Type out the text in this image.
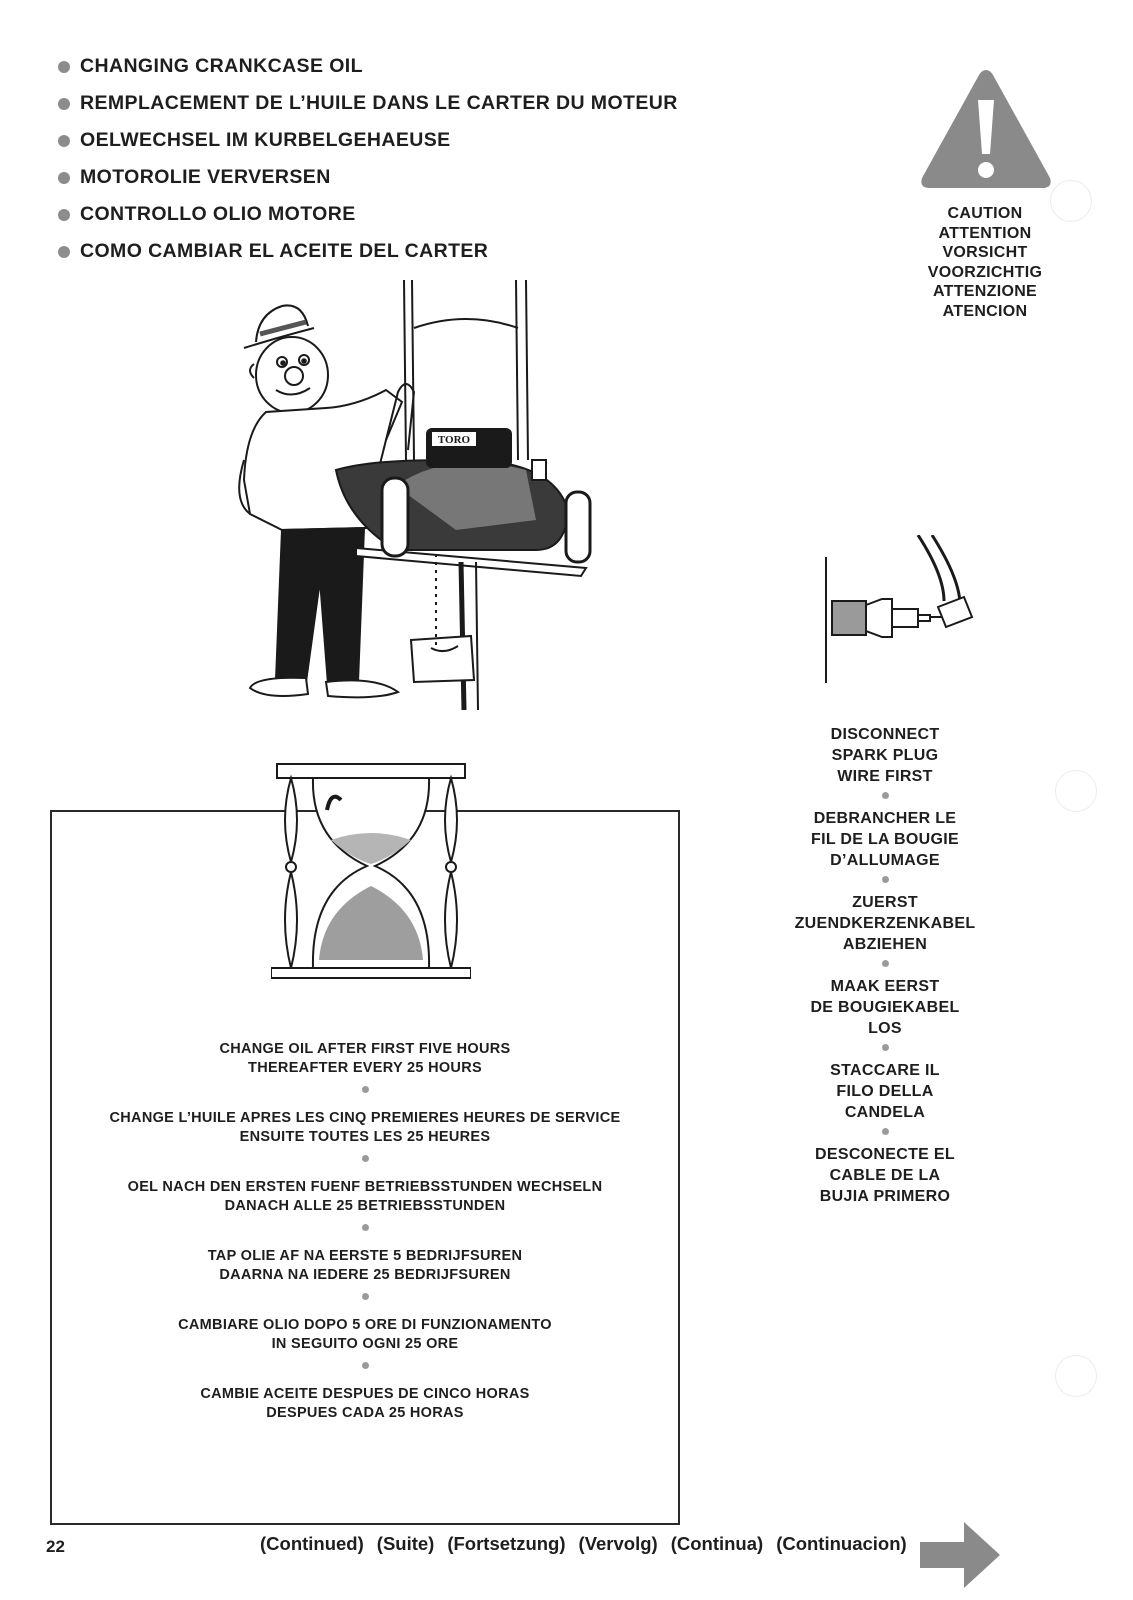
CHANGING CRANKCASE OIL
REMPLACEMENT DE L’HUILE DANS LE CARTER DU MOTEUR
OELWECHSEL IM KURBELGEHAEUSE
MOTOROLIE VERVERSEN
CONTROLLO OLIO MOTORE
COMO CAMBIAR EL ACEITE DEL CARTER
CAUTION
ATTENTION
VORSICHT
VOORZICHTIG
ATTENZIONE
ATENCION
TORO
DISCONNECT
SPARK PLUG
WIRE FIRST
DEBRANCHER LE
FIL DE LA BOUGIE
D’ALLUMAGE
ZUERST
ZUENDKERZENKABEL
ABZIEHEN
MAAK EERST
DE BOUGIEKABEL
LOS
STACCARE IL
FILO DELLA
CANDELA
DESCONECTE EL
CABLE DE LA
BUJIA PRIMERO
CHANGE OIL AFTER FIRST FIVE HOURS
THEREAFTER EVERY 25 HOURS
CHANGE L’HUILE APRES LES CINQ PREMIERES HEURES DE SERVICE
ENSUITE TOUTES LES 25 HEURES
OEL NACH DEN ERSTEN FUENF BETRIEBSSTUNDEN WECHSELN
DANACH ALLE 25 BETRIEBSSTUNDEN
TAP OLIE AF NA EERSTE 5 BEDRIJFSUREN
DAARNA NA IEDERE 25 BEDRIJFSUREN
CAMBIARE OLIO DOPO 5 ORE DI FUNZIONAMENTO
IN SEGUITO OGNI 25 ORE
CAMBIE ACEITE DESPUES DE CINCO HORAS
DESPUES CADA 25 HORAS
22	(Continued) (Suite) (Fortsetzung) (Vervolg) (Continua) (Continuacion)
